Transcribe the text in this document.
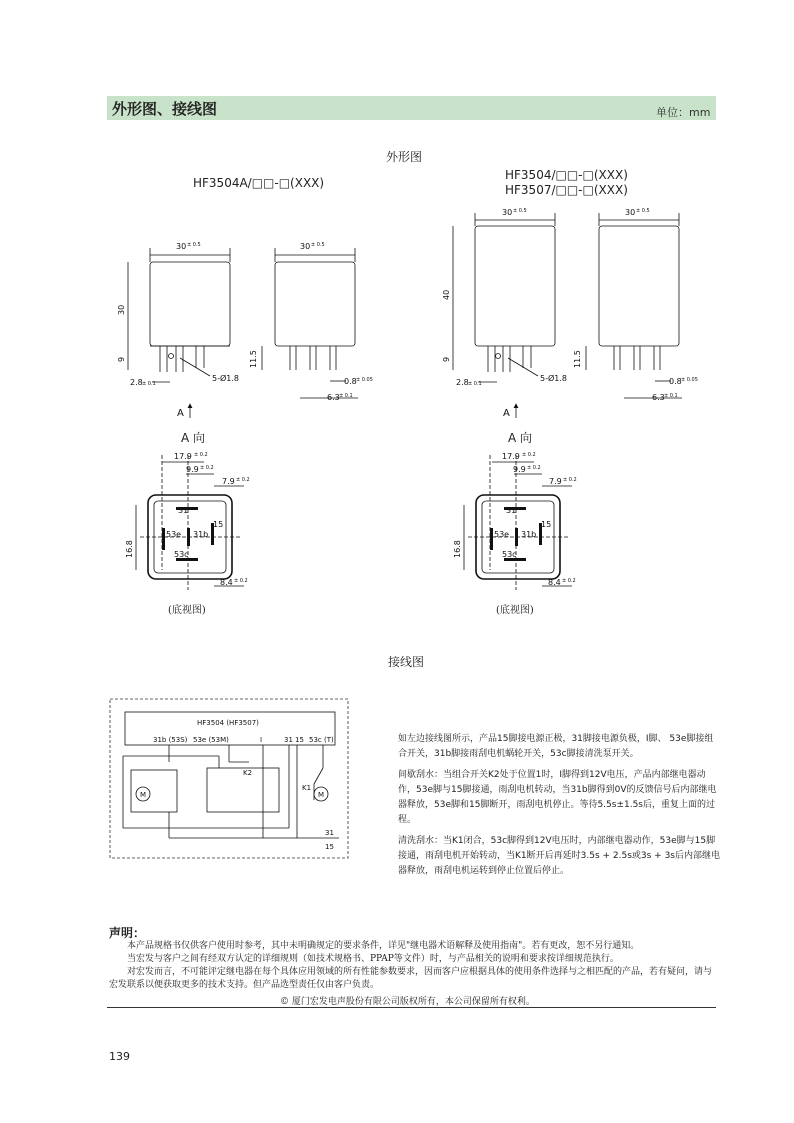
外形图、接线图	单位：mm
外形图
HF3504A/□□-□(XXX)
HF3504/□□-□(XXX)
HF3507/□□-□(XXX)
30	30
30	30
30
40
9	9
11.5	11.5
2.8	2.8
5-Ø1.8	5-Ø1.8
0.8	0.8
6.3	6.3
17.9	17.9
9.9	9.9
7.9	7.9
16.8	16.8
8.4	8.4
31
53e 31b
15
53c
31
53e 31b
15
53c
± 0.5	± 0.5
± 0.5	± 0.5
± 0.1	± 0.1
± 0.05	± 0.05
± 0.1	± 0.1
± 0.2	± 0.2
± 0.2	± 0.2
± 0.2	± 0.2
± 0.2	± 0.2
A	A
A 向	A 向
(底视图)	(底视图)
接线图
HF3504 (HF3507)
31b (53S) 53e (53M)	I	31 15 53c (T)
K2
K1
M	M
31
15

如左边接线图所示，产品15脚接电源正极，31脚接电源负极，I脚、 53e脚接组合开关，31b脚接雨刮电机蜗轮开关，53c脚接清洗泵开关。

间歇刮水：当组合开关K2处于位置1时，I脚得到12V电压，产品内部继电器动作，53e脚与15脚接通，雨刮电机转动，当31b脚得到0V的反馈信号后内部继电器释放，53e脚和15脚断开，雨刮电机停止。等待5.5s±1.5s后，重复上面的过程。

清洗刮水：当K1闭合，53c脚得到12V电压时，内部继电器动作，53e脚与15脚接通，雨刮电机开始转动，当K1断开后再延时3.5s + 2.5s或3s + 3s后内部继电器释放，雨刮电机运转到停止位置后停止。

声明：
本产品规格书仅供客户使用时参考，其中未明确规定的要求条件，详见"继电器术语解释及使用指南"。若有更改，恕不另行通知。
当宏发与客户之间有经双方认定的详细规则（如技术规格书、PPAP等文件）时，与产品相关的说明和要求按详细规范执行。
对宏发而言，不可能评定继电器在每个具体应用领域的所有性能参数要求，因而客户应根据具体的使用条件选择与之相匹配的产品，若有疑问，请与宏发联系以便获取更多的技术支持。但产品选型责任仅由客户负责。
© 厦门宏发电声股份有限公司版权所有，本公司保留所有权利。
139
